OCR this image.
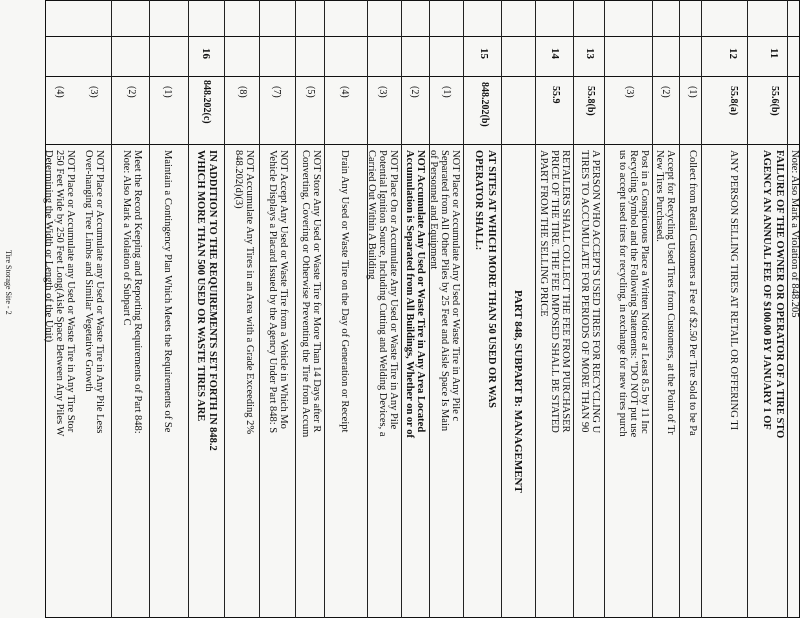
Note: Also Mark a Violation of 848.205
11
55.6(b)
FAILURE OF THE OWNER OR OPERATOR OF A TIRE STO
AGENCY AN ANNUAL FEE OF $100.00 BY JANUARY 1 OF
12
55.8(a)
ANY PERSON SELLING TIRES AT RETAIL OR OFFERING TI
(1)
Collect from Retail Customers a Fee of $2.50 Per Tire Sold to be Pa
(2)
Accept for Recycling Used Tires from Customers, at the Point of Tr
New Tires Purchased.
(3)
Post in a Conspicuous Place a Written Notice at Least 8.5 by 11 Inc
Recycling Symbol and the Following Statements: "DO NOT put use
us to accept used tires for recycling, in exchange for new tires purch
13
55.8(b)
A PERSON WHO ACCEPTS USED TIRES FOR RECYCLING U
TIRES TO ACCUMULATE FOR PERIODS OF MORE THAN 90
14
55.9
RETAILERS SHALL COLLECT THE FEE FROM PURCHASER
PRICE OF THE TIRE. THE FEE IMPOSED SHALL BE STATED
APART FROM THE SELLING PRICE
PART 848, SUBPART B: MANAGEMENT
15
848.202(b)
AT SITES AT WHICH MORE THAN 50 USED OR WAS
OPERATOR SHALL:
(1)
NOT Place or Accumulate Any Used or Waste Tire in Any Pile c
Separated from All Other Piles by 25 Feet and Aisle Space Is Main
of Personnel and Equipment
(2)
NOT Accumulate Any Used or Waste Tire in Any Area Located
Accumulation is Separated from All Buildings, Whether on or of
(3)
NOT Place On or Accumulate Any Used or Waste Tire in Any Pile
Potential Ignition Source, Including Cutting and Welding Devices, a
Carried Out Within A Building
(4)
Drain Any Used or Waste Tire on the Day of Generation or Receipt
(5)
NOT Store Any Used or Waste Tire for More Than 14 Days after R
Converting, Covering or Otherwise Preventing the Tire from Accum
(7)
NOT Accept Any Used or Waste Tire from a Vehicle in Which Mo
Vehicle Displays a Placard Issued by the Agency Under Part 848: S
(8)
NOT Accumulate Any Tires in an Area with a Grade Exceeding 2%
848.202(d)(3)
16
848.202(c)
IN ADDITION TO THE REQUIREMENTS SET FORTH IN 848.2
WHICH MORE THAN 500 USED OR WASTE TIRES ARE
(1)
Maintain a Contingency Plan Which Meets the Requirements of Se
(2)
Meet the Record Keeping and Reporting Requirements of Part 848:
Note: Also Mark a Violation of Subpart C
(3)
NOT Place or Accumulate any Used or Waste Tire in Any Pile Less
Over-hanging Tree Limbs and Similar Vegetative Growth
(4)
NOT Place or Accumulate any Used or Waste Tire in Any Tire Stor
250 Feet Wide by 250 Feet Long(Aisle Space Between Any Piles W
Determining the Width or Length of the Unit)
Tire Storage Site - 2
